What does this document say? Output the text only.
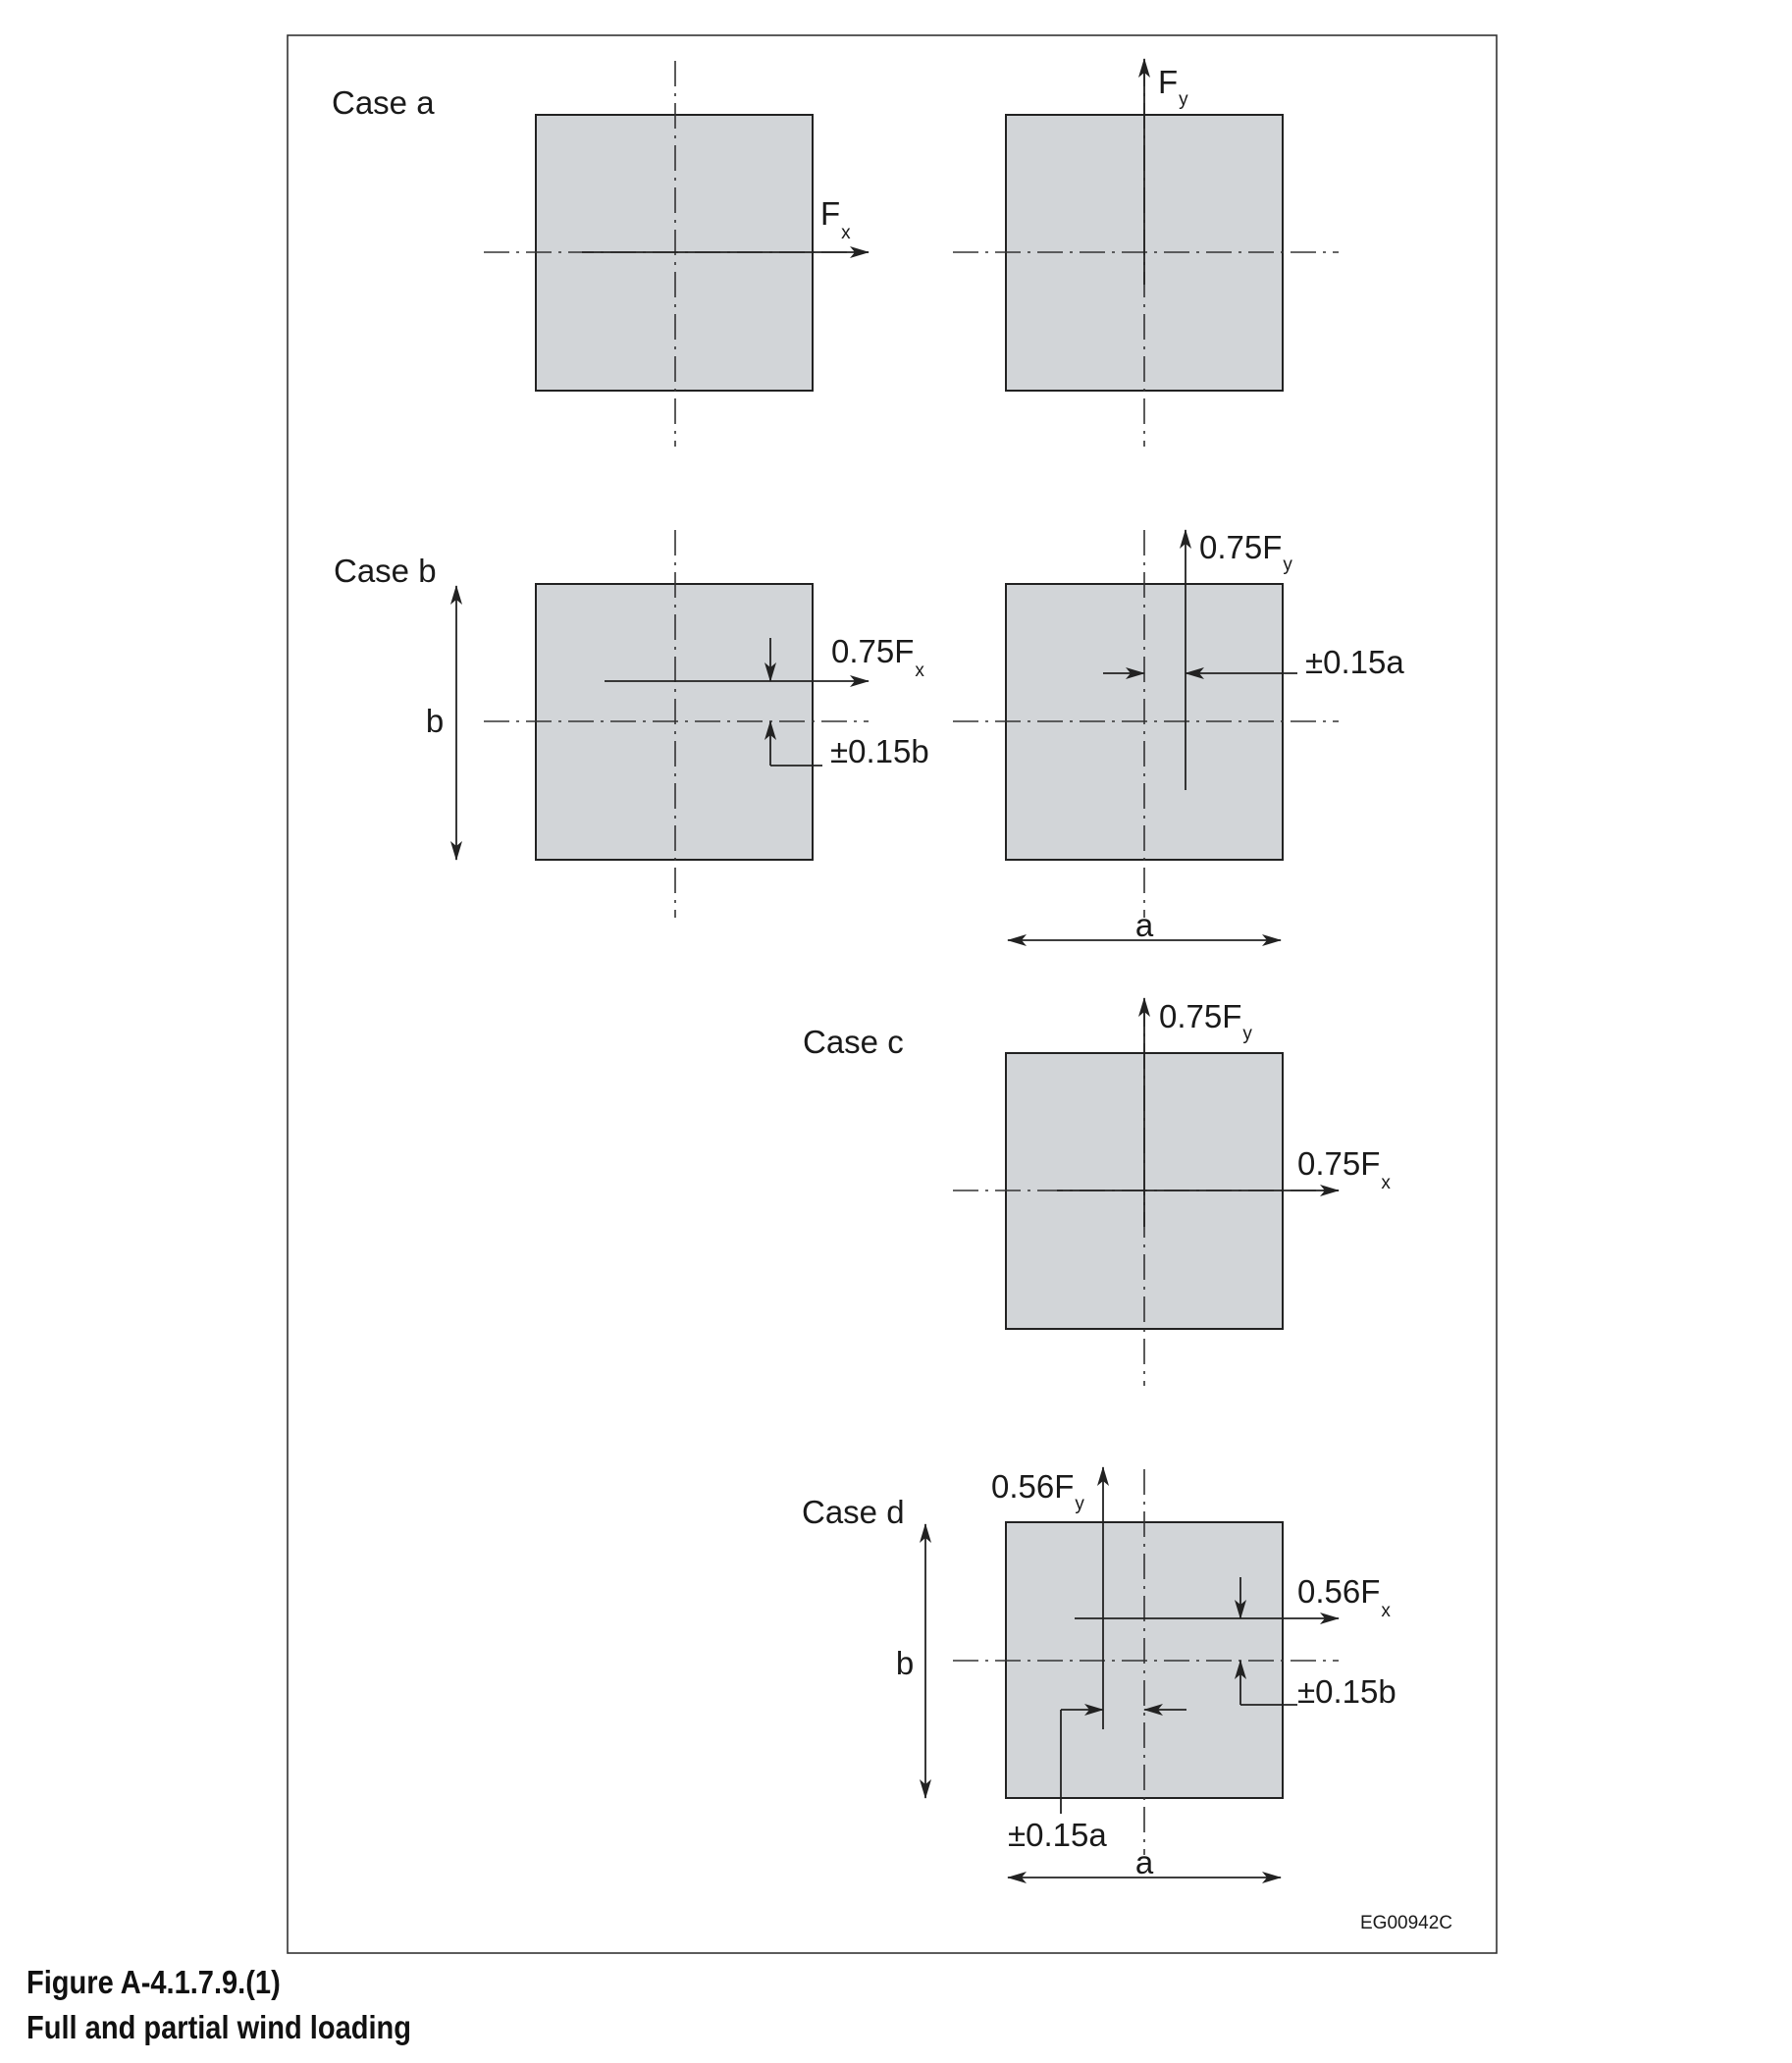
Case a
Fx
Fy
Case b
b
0.75Fx
±0.15b
0.75Fy
±0.15a
a
Case c
0.75Fy
0.75Fx
Case d
b
0.56Fy
0.56Fx
±0.15b
±0.15a
a
EG00942C
Figure A-4.1.7.9.(1)
Full and partial wind loading
